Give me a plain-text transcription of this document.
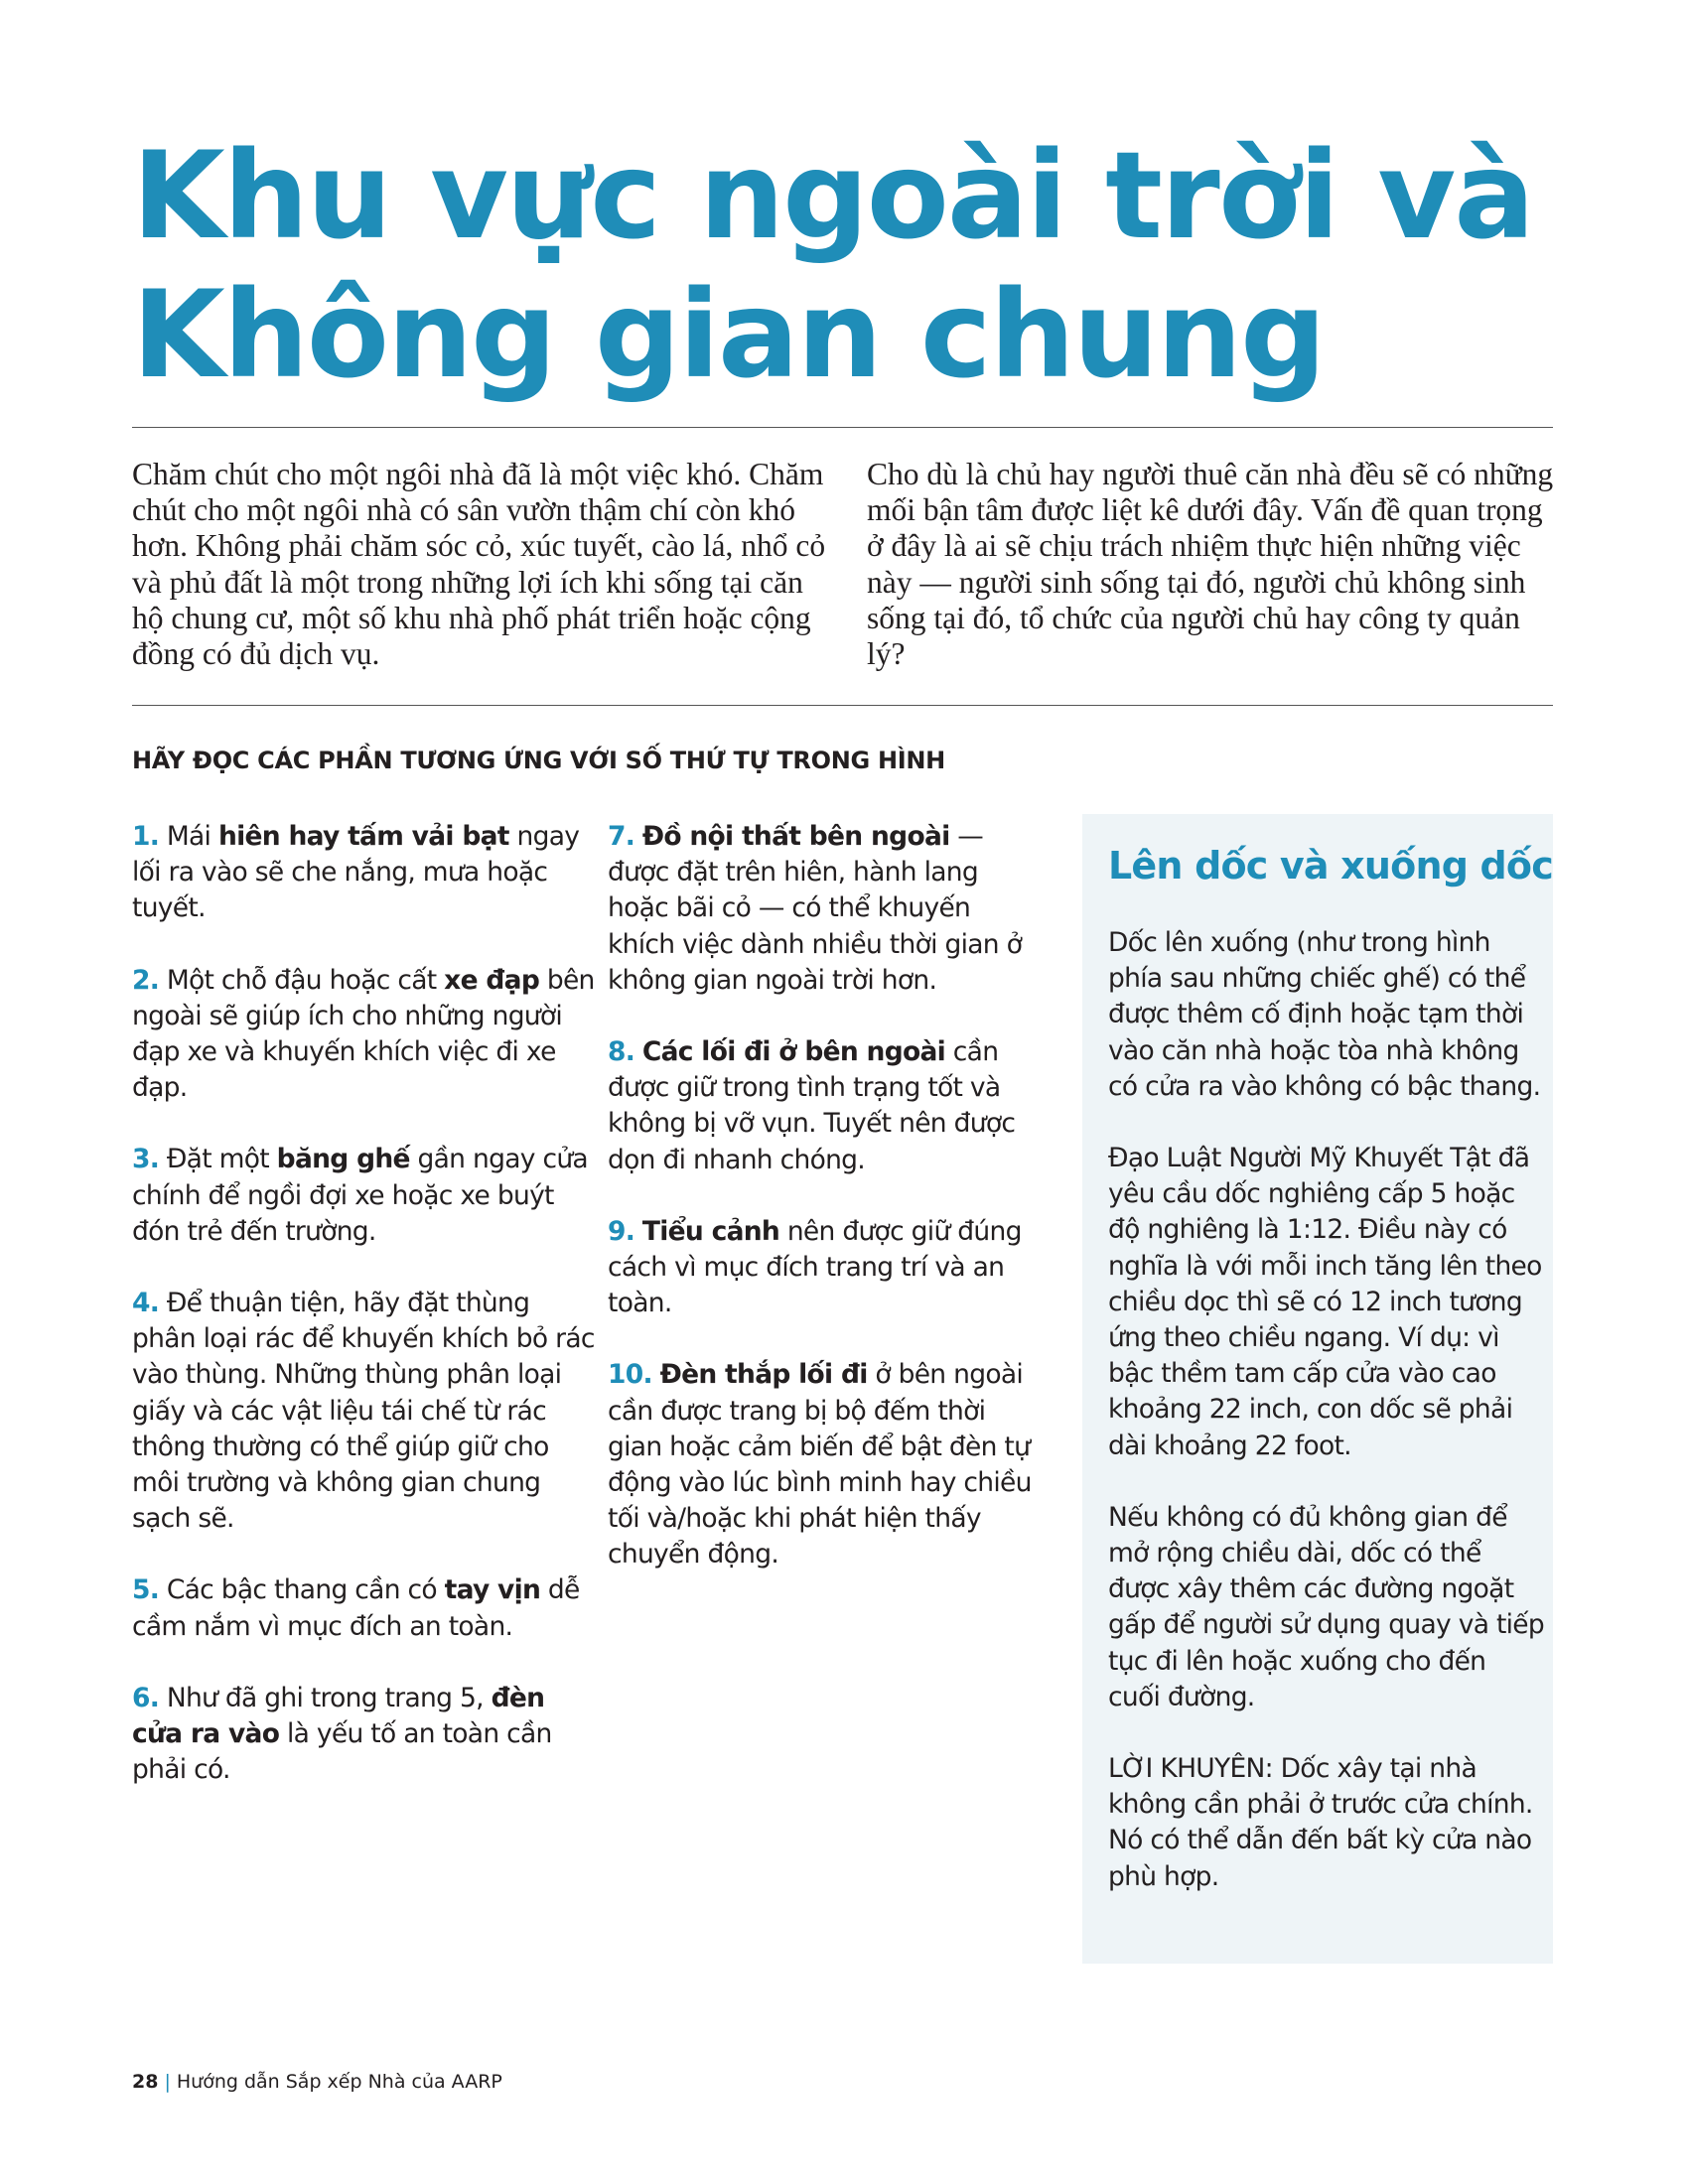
Khu vực ngoài trời và
Không gian chung

Chăm chút cho một ngôi nhà đã là một việc khó. Chăm chút cho một ngôi nhà có sân vườn thậm chí còn khó hơn. Không phải chăm sóc cỏ, xúc tuyết, cào lá, nhổ cỏ và phủ đất là một trong những lợi ích khi sống tại căn hộ chung cư, một số khu nhà phố phát triển hoặc cộng đồng có đủ dịch vụ.

Cho dù là chủ hay người thuê căn nhà đều sẽ có những mối bận tâm được liệt kê dưới đây. Vấn đề quan trọng ở đây là ai sẽ chịu trách nhiệm thực hiện những việc này — người sinh sống tại đó, người chủ không sinh sống tại đó, tổ chức của người chủ hay công ty quản lý?

HÃY ĐỌC CÁC PHẦN TƯƠNG ỨNG VỚI SỐ THỨ TỰ TRONG HÌNH

1. Mái hiên hay tấm vải bạt ngay lối ra vào sẽ che nắng, mưa hoặc tuyết.

2. Một chỗ đậu hoặc cất xe đạp bên ngoài sẽ giúp ích cho những người đạp xe và khuyến khích việc đi xe đạp.

3. Đặt một băng ghế gần ngay cửa chính để ngồi đợi xe hoặc xe buýt đón trẻ đến trường.

4. Để thuận tiện, hãy đặt thùng phân loại rác để khuyến khích bỏ rác vào thùng. Những thùng phân loại giấy và các vật liệu tái chế từ rác thông thường có thể giúp giữ cho môi trường và không gian chung sạch sẽ.

5. Các bậc thang cần có tay vịn dễ cầm nắm vì mục đích an toàn.

6. Như đã ghi trong trang 5, đèn cửa ra vào là yếu tố an toàn cần phải có.

7. Đồ nội thất bên ngoài — được đặt trên hiên, hành lang hoặc bãi cỏ — có thể khuyến khích việc dành nhiều thời gian ở không gian ngoài trời hơn.

8. Các lối đi ở bên ngoài cần được giữ trong tình trạng tốt và không bị vỡ vụn. Tuyết nên được dọn đi nhanh chóng.

9. Tiểu cảnh nên được giữ đúng cách vì mục đích trang trí và an toàn.

10. Đèn thắp lối đi ở bên ngoài cần được trang bị bộ đếm thời gian hoặc cảm biến để bật đèn tự động vào lúc bình minh hay chiều tối và/hoặc khi phát hiện thấy chuyển động.

Lên dốc và xuống dốc

Dốc lên xuống (như trong hình phía sau những chiếc ghế) có thể được thêm cố định hoặc tạm thời vào căn nhà hoặc tòa nhà không có cửa ra vào không có bậc thang.

Đạo Luật Người Mỹ Khuyết Tật đã yêu cầu dốc nghiêng cấp 5 hoặc độ nghiêng là 1:12. Điều này có nghĩa là với mỗi inch tăng lên theo chiều dọc thì sẽ có 12 inch tương ứng theo chiều ngang. Ví dụ: vì bậc thềm tam cấp cửa vào cao khoảng 22 inch, con dốc sẽ phải dài khoảng 22 foot.

Nếu không có đủ không gian để mở rộng chiều dài, dốc có thể được xây thêm các đường ngoặt gấp để người sử dụng quay và tiếp tục đi lên hoặc xuống cho đến cuối đường.

LỜI KHUYÊN: Dốc xây tại nhà không cần phải ở trước cửa chính. Nó có thể dẫn đến bất kỳ cửa nào phù hợp.

28 | Hướng dẫn Sắp xếp Nhà của AARP
